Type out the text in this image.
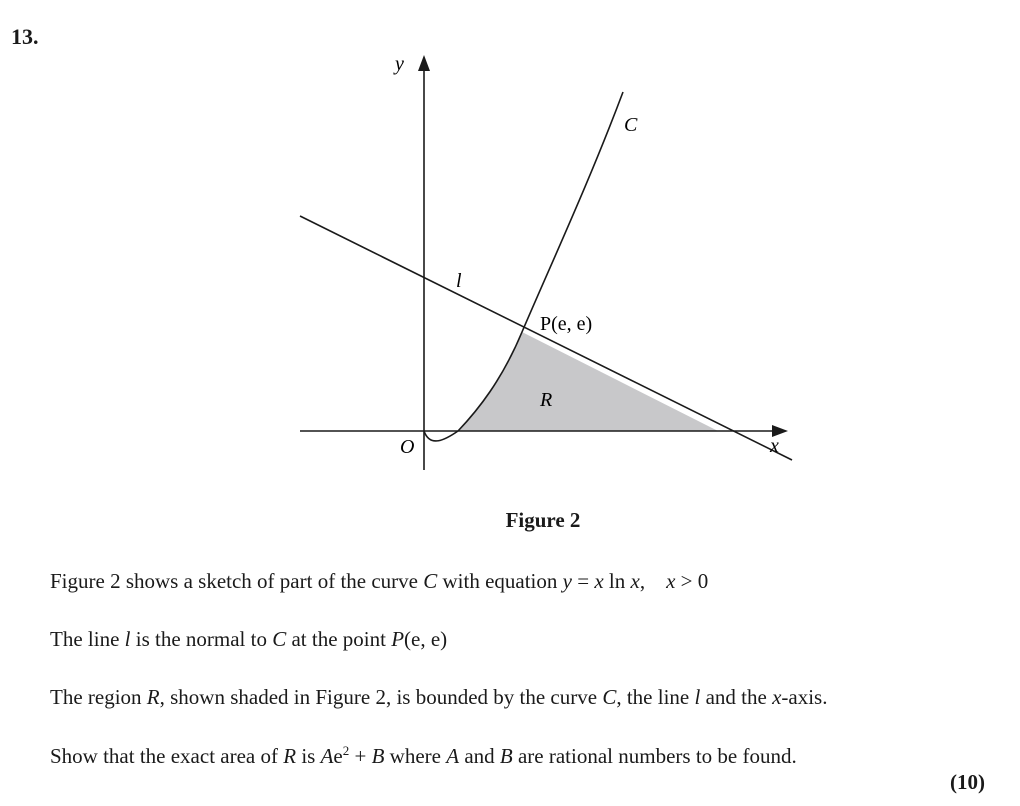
13.
y
x
O
C
l
R
P(e, e)
Figure 2
Figure 2 shows a sketch of part of the curve C with equation y = x ln x,    x > 0
The line l is the normal to C at the point P(e, e)
The region R, shown shaded in Figure 2, is bounded by the curve C, the line l and the x-axis.
Show that the exact area of R is $Ae^2 + B$ where A and B are rational numbers to be found.
(10)
